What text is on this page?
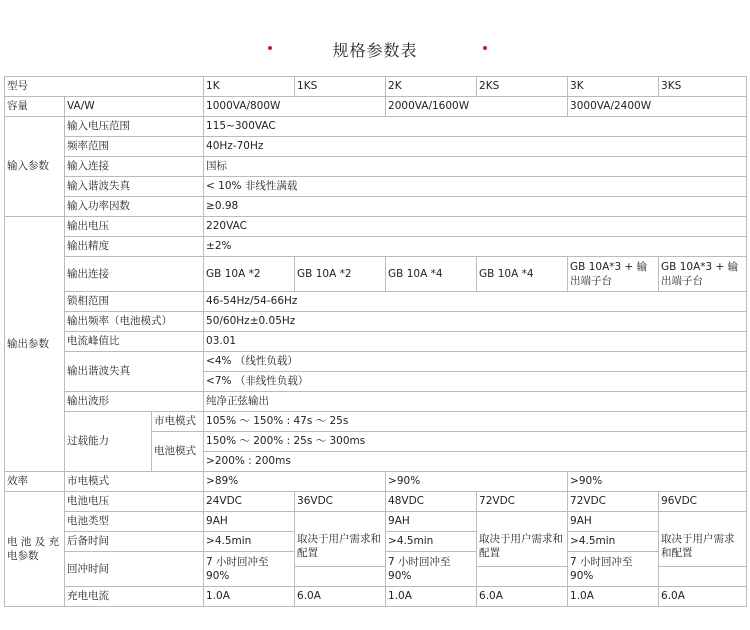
规格参数表
型号			1K	1KS	2K	2KS	3K	3KS
容量	VA/W		1000VA/800W		2000VA/1600W		3000VA/2400W	
输入参数	输入电压范围		115~300VAC					
	频率范围		40Hz-70Hz					
	输入连接		国标					
	输入谐波失真		< 10% 非线性满载					
	输入功率因数		≥0.98					
输出参数	输出电压		220VAC					
	输出精度		±2%					
	输出连接		GB 10A *2	GB 10A *2	GB 10A *4	GB 10A *4	GB 10A*3 + 输出端子台	GB 10A*3 + 输出端子台
	锁相范围		46-54Hz/54-66Hz					
	输出频率（电池模式）		50/60Hz±0.05Hz					
	电流峰值比		03.01					
	输出谐波失真		<4% （线性负载）					
			<7% （非线性负载）					
	输出波形		纯净正弦输出					
	过载能力	市电模式	105% ～ 150% : 47s ～ 25s					
		电池模式	150% ～ 200% : 25s ～ 300ms					
			>200% : 200ms					
效率	市电模式		>89%		>90%		>90%	
电 池 及 充 电参数	电池电压		24VDC	36VDC	48VDC	72VDC	72VDC	96VDC
	电池类型		9AH	取决于用户需求和配置	9AH	取决于用户需求和配置	9AH	取决于用户需求和配置
	后备时间		>4.5min		>4.5min		>4.5min	
	回冲时间		7 小时回冲至 90%		7 小时回冲至 90%		7 小时回冲至 90%	

	充电电流		1.0A	6.0A	1.0A	6.0A	1.0A	6.0A
